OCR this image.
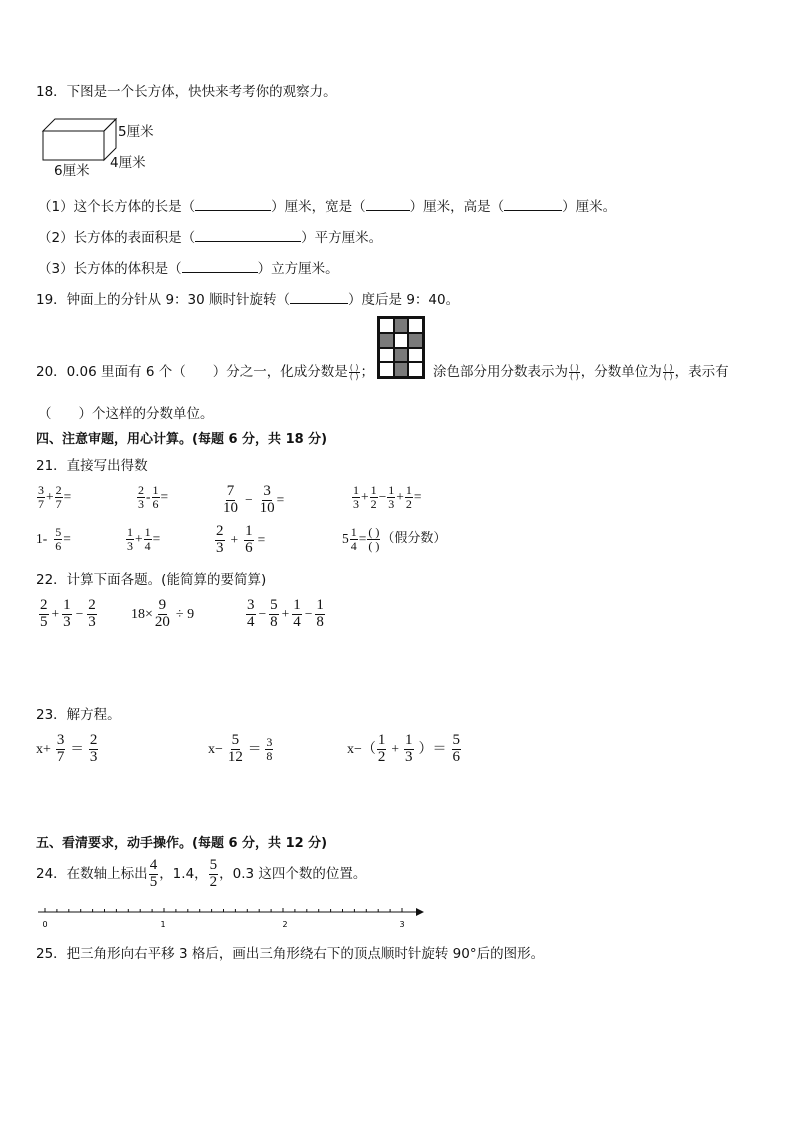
18．下图是一个长方体，快快来考考你的观察力。
5厘米
4厘米
6厘米
（1）这个长方体的长是（	）厘米，宽是（	）厘米，高是（	）厘米。
（2）长方体的表面积是（	）平方厘米。
（3）长方体的体积是（	）立方厘米。
19．钟面上的分针从 9：30 顺时针旋转（	）度后是 9：40。
20．0.06 里面有 6 个（　　）分之一，化成分数是 $\frac{( )}{( )}$ ；	涂色部分用分数表示为 $\frac{( )}{( )}$ ，分数单位为 $\frac{( )}{( )}$ ，表示有
（　　）个这样的分数单位。
四、注意审题，用心计算。(每题 6 分，共 18 分)
21．直接写出得数
$\frac{3}{7} + \frac{2}{7}$ =	$\frac{2}{3} - \frac{1}{6}$ =	$\frac{7}{10} - \frac{3}{10}$ =	$\frac{1}{3} + \frac{1}{2} - \frac{1}{3} + \frac{1}{2}$ =
$1- \frac{5}{6}$ =	$\frac{1}{3} + \frac{1}{4}$ =	$\frac{2}{3} + \frac{1}{6}$ =	$5 \frac{1}{4} = \frac{( )}{( )}$ （假分数）
22．计算下面各题。(能简算的要简算)
$\frac{2}{5} + \frac{1}{3} - \frac{2}{3} 18\times \frac{9}{20} \div 9$	$\frac{3}{4} - \frac{5}{8} + \frac{1}{4} - \frac{1}{8}$
23．解方程。
$x+ \frac{3}{7} = \frac{2}{3}$	$x- \frac{5}{12} = \frac{3}{8}$	$x-( \frac{1}{2} + \frac{1}{3}$ ）＝ $\frac{5}{6}$
五、看清要求，动手操作。(每题 6 分，共 12 分)
24．在数轴上标出 $\frac{4}{5}$ ，1.4， $\frac{5}{2}$ ，0.3 这四个数的位置。
0	1	2	3
25．把三角形向右平移 3 格后，画出三角形绕右下的顶点顺时针旋转 90°后的图形。
